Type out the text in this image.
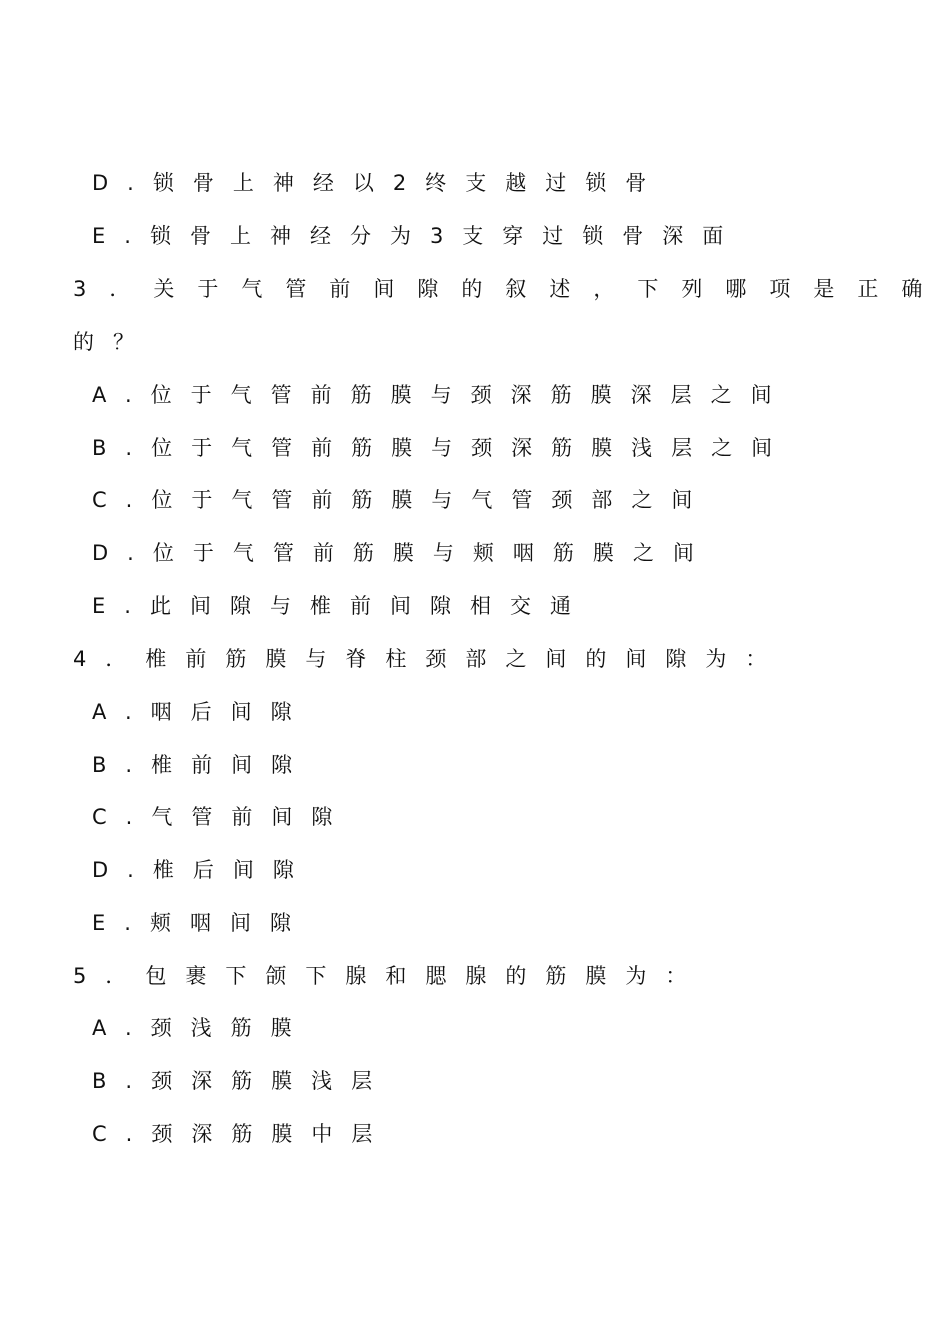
D.锁骨上神经以2终支越过锁骨
E.锁骨上神经分为3支穿过锁骨深面
3．关于气管前间隙的叙述，下列哪项是正确
的？
A.位于气管前筋膜与颈深筋膜深层之间
B.位于气管前筋膜与颈深筋膜浅层之间
C.位于气管前筋膜与气管颈部之间
D.位于气管前筋膜与颊咽筋膜之间
E.此间隙与椎前间隙相交通
4．椎前筋膜与脊柱颈部之间的间隙为：
A.咽后间隙
B.椎前间隙
C.气管前间隙
D.椎后间隙
E.颊咽间隙
5．包裹下颌下腺和腮腺的筋膜为：
A.颈浅筋膜
B.颈深筋膜浅层
C.颈深筋膜中层
